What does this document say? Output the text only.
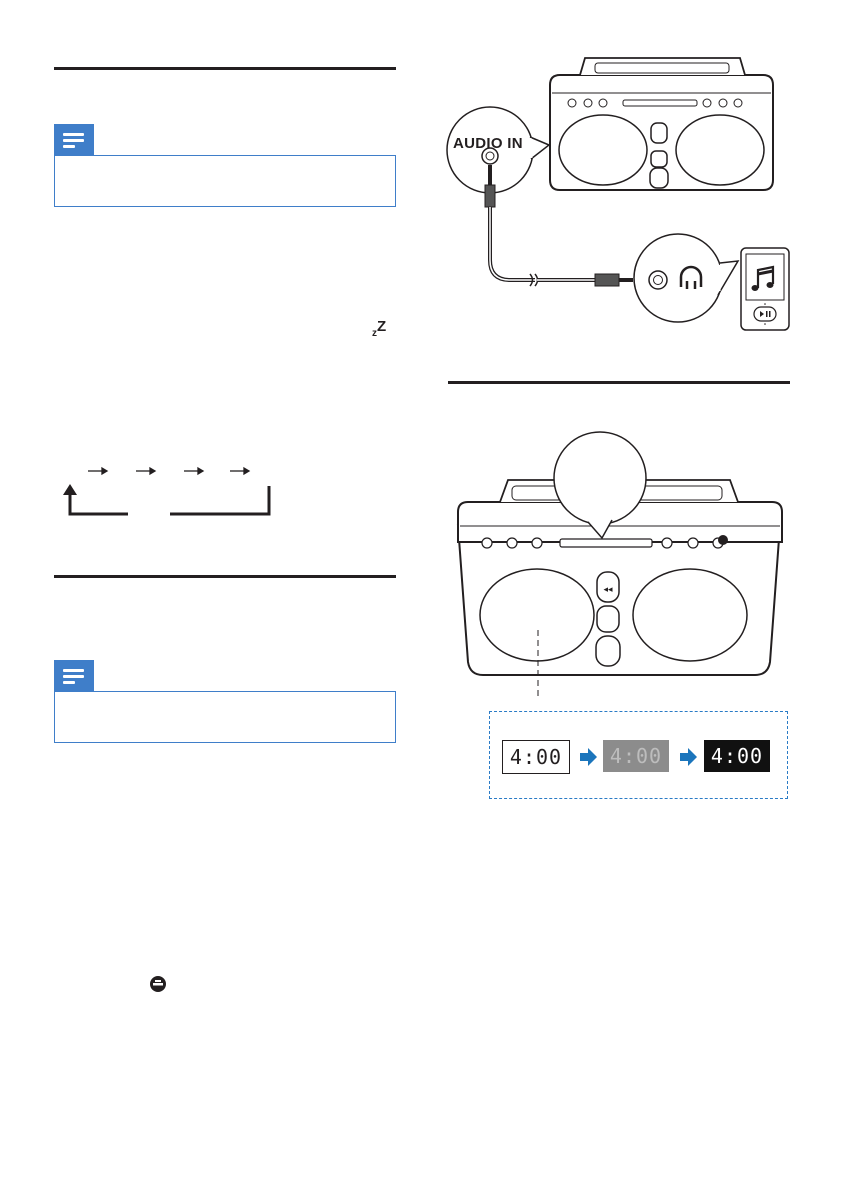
zZ
AUDIO IN
◂◂
4:00	4:00	4:00
